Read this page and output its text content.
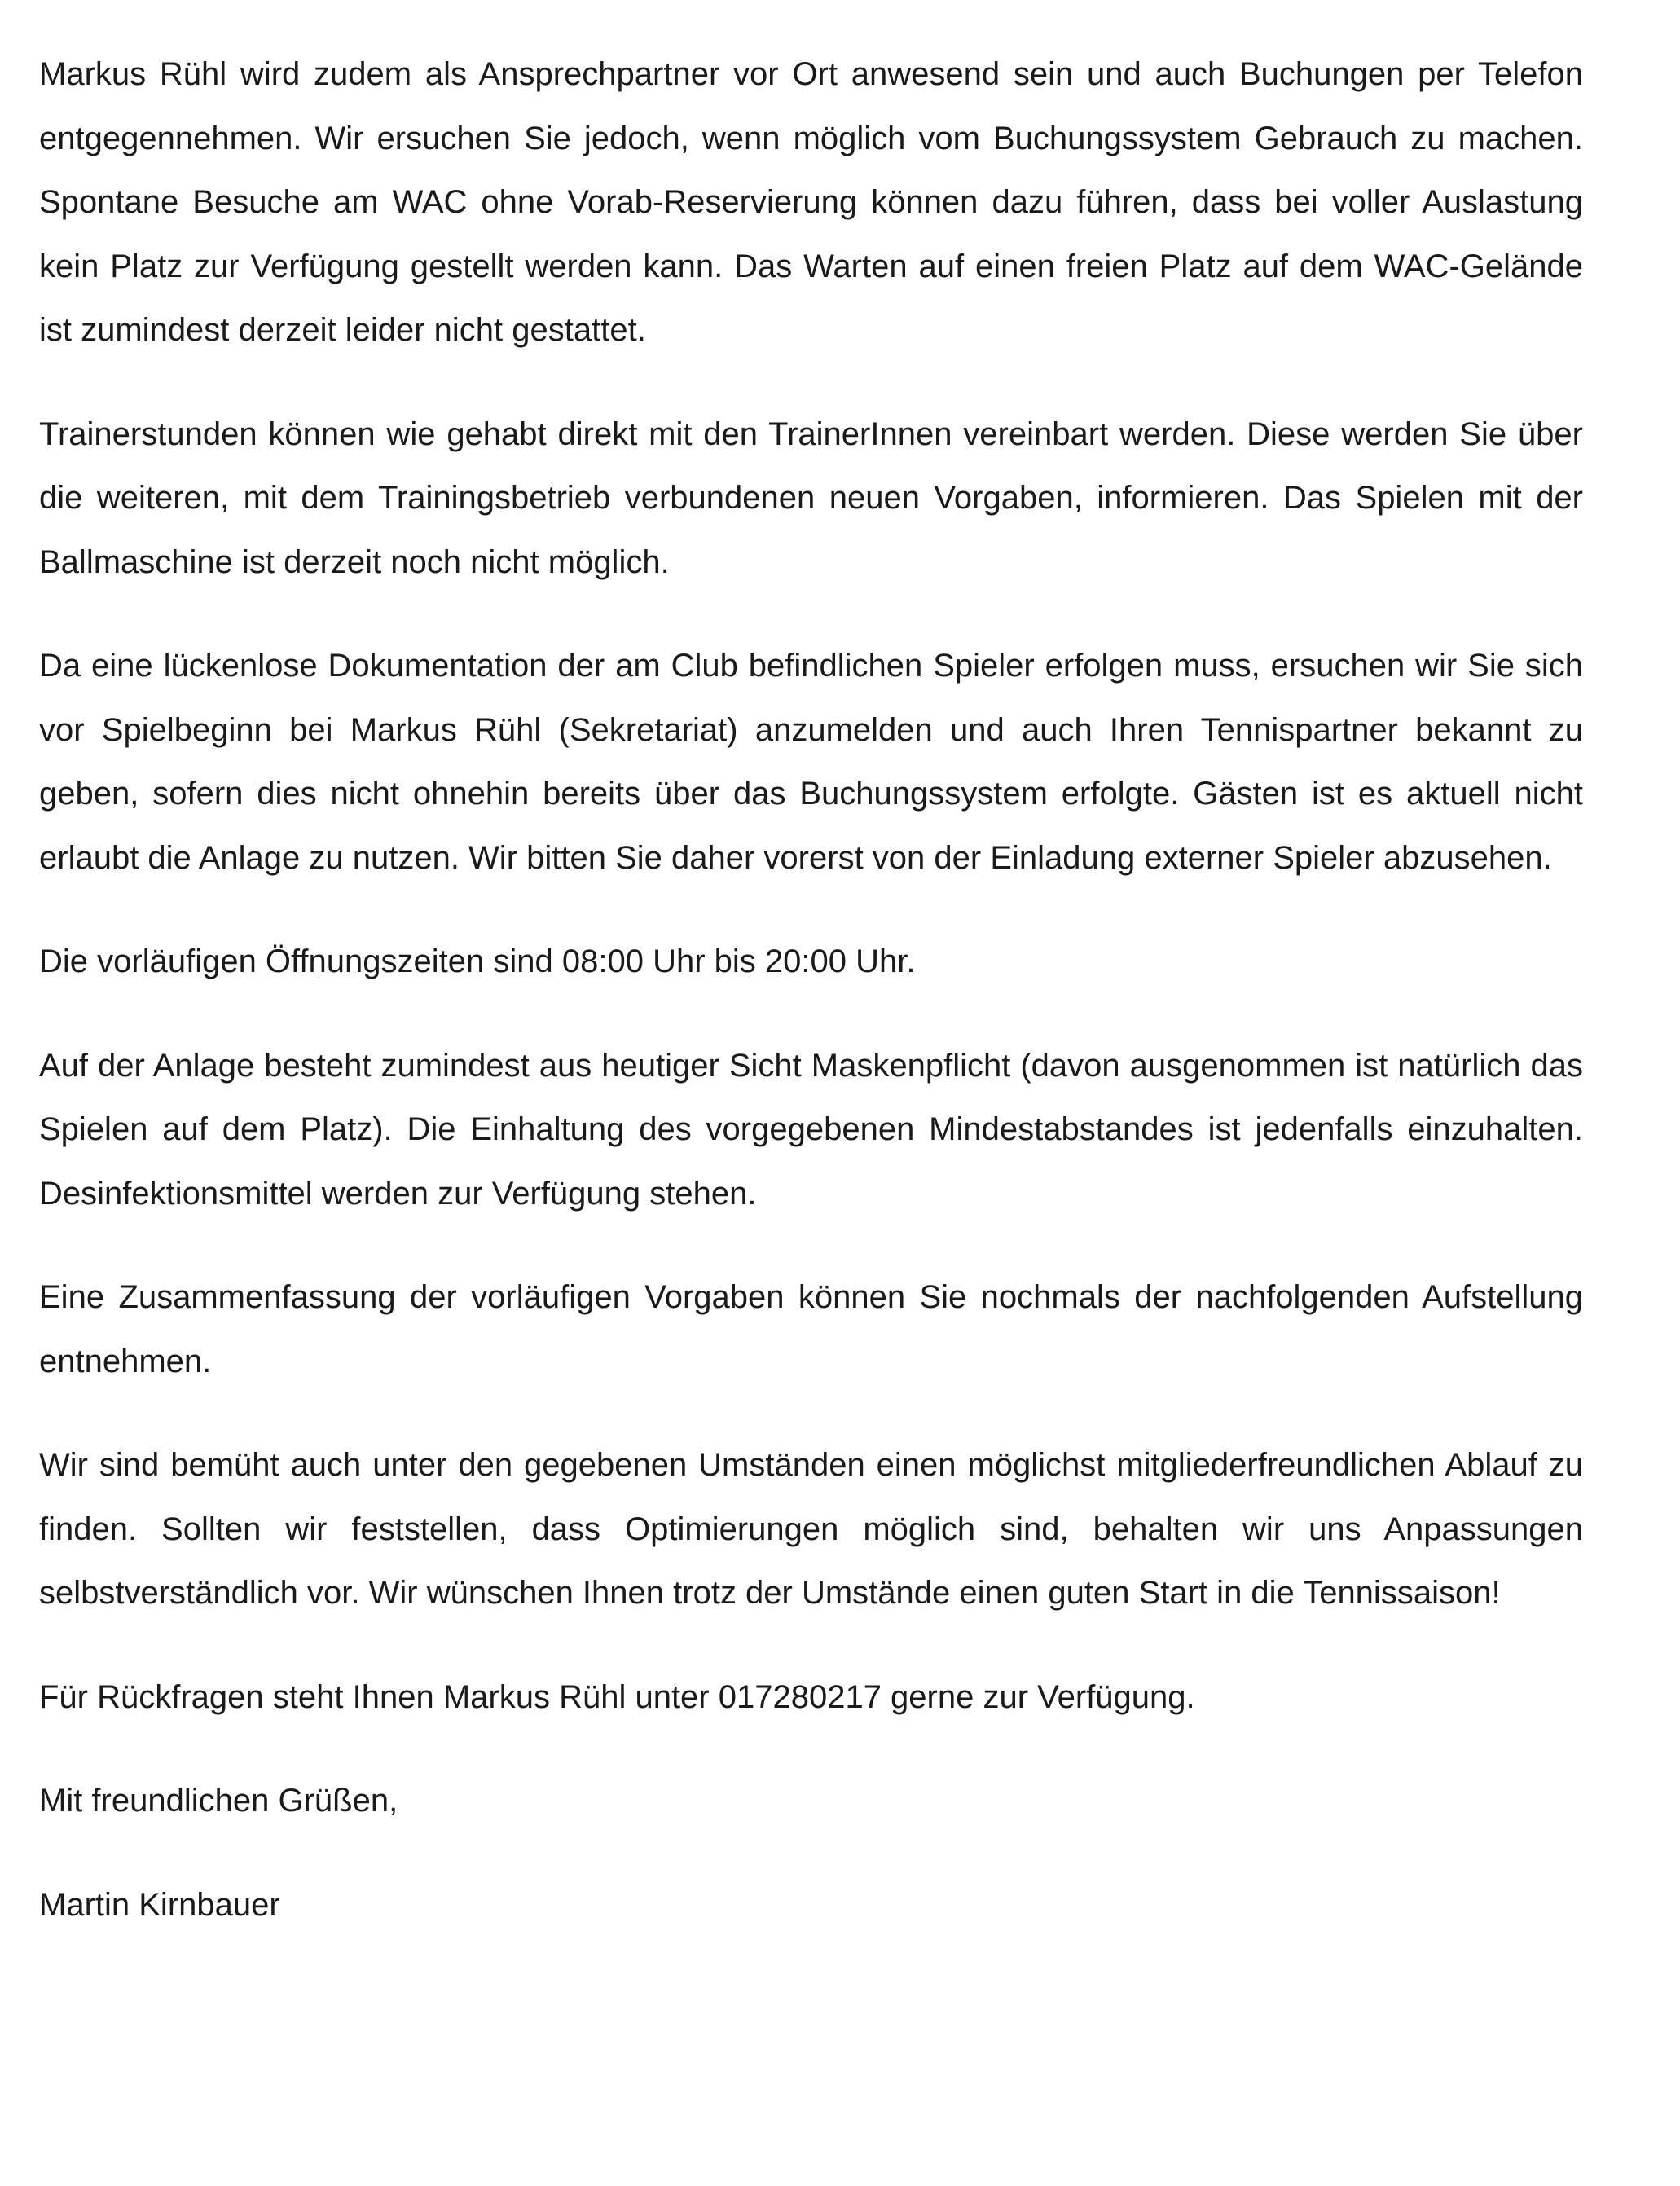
Markus Rühl wird zudem als Ansprechpartner vor Ort anwesend sein und auch Buchungen per Telefon entgegennehmen. Wir ersuchen Sie jedoch, wenn möglich vom Buchungssystem Gebrauch zu machen. Spontane Besuche am WAC ohne Vorab-Reservierung können dazu führen, dass bei voller Auslastung kein Platz zur Verfügung gestellt werden kann. Das Warten auf einen freien Platz auf dem WAC-Gelände ist zumindest derzeit leider nicht gestattet.

Trainerstunden können wie gehabt direkt mit den TrainerInnen vereinbart werden. Diese werden Sie über die weiteren, mit dem Trainingsbetrieb verbundenen neuen Vorgaben, informieren. Das Spielen mit der Ballmaschine ist derzeit noch nicht möglich.

Da eine lückenlose Dokumentation der am Club befindlichen Spieler erfolgen muss, ersuchen wir Sie sich vor Spielbeginn bei Markus Rühl (Sekretariat) anzumelden und auch Ihren Tennispartner bekannt zu geben, sofern dies nicht ohnehin bereits über das Buchungssystem erfolgte. Gästen ist es aktuell nicht erlaubt die Anlage zu nutzen. Wir bitten Sie daher vorerst von der Einladung externer Spieler abzusehen.

Die vorläufigen Öffnungszeiten sind 08:00 Uhr bis 20:00 Uhr.

Auf der Anlage besteht zumindest aus heutiger Sicht Maskenpflicht (davon ausgenommen ist natürlich das Spielen auf dem Platz). Die Einhaltung des vorgegebenen Mindestabstandes ist jedenfalls einzuhalten. Desinfektionsmittel werden zur Verfügung stehen.

Eine Zusammenfassung der vorläufigen Vorgaben können Sie nochmals der nachfolgenden Aufstellung entnehmen.

Wir sind bemüht auch unter den gegebenen Umständen einen möglichst mitgliederfreundlichen Ablauf zu finden. Sollten wir feststellen, dass Optimierungen möglich sind, behalten wir uns Anpassungen selbstverständlich vor. Wir wünschen Ihnen trotz der Umstände einen guten Start in die Tennissaison!

Für Rückfragen steht Ihnen Markus Rühl unter 017280217 gerne zur Verfügung.

Mit freundlichen Grüßen,

Martin Kirnbauer
